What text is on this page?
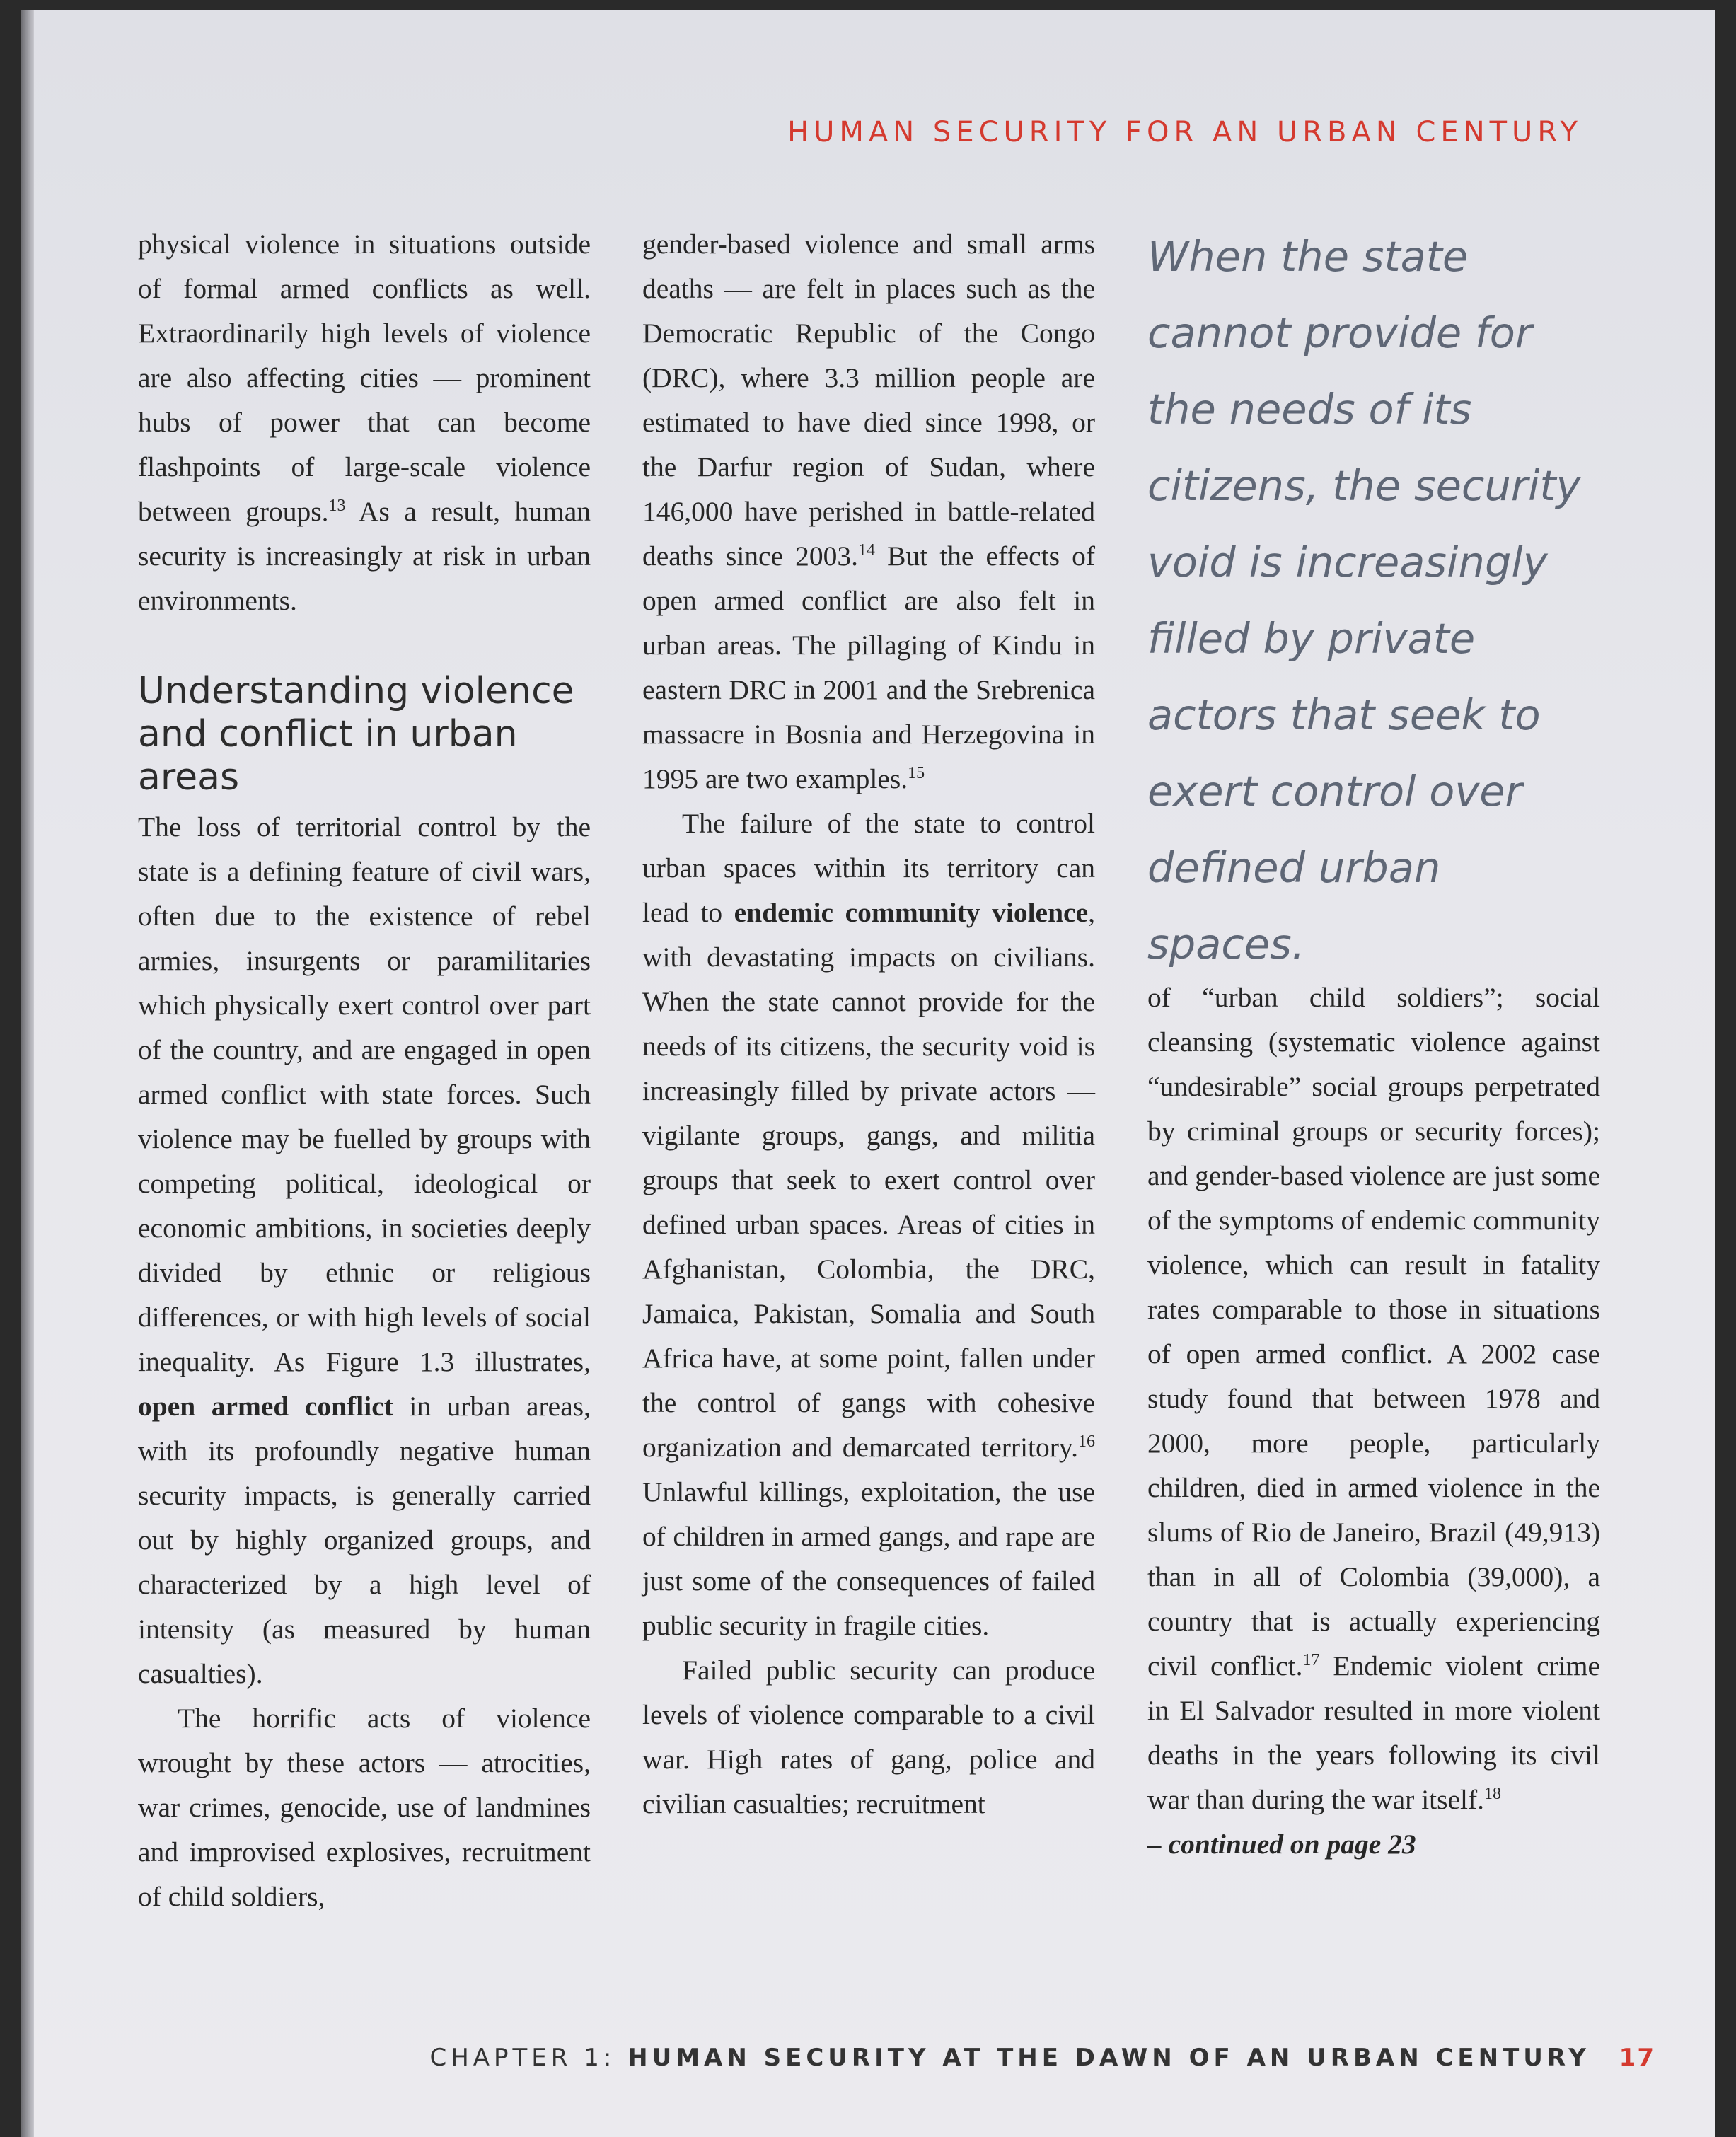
HUMAN SECURITY FOR AN URBAN CENTURY

physical violence in situations outside of formal armed conflicts as well. Extraordinarily high levels of violence are also affecting cities — prominent hubs of power that can become flashpoints of large-scale violence between groups.$^{13}$ As a result, human security is increasingly at risk in urban environments.

Understanding violence and conflict in urban areas

The loss of territorial control by the state is a defining feature of civil wars, often due to the existence of rebel armies, insurgents or paramilitaries which physically exert control over part of the country, and are engaged in open armed conflict with state forces. Such violence may be fuelled by groups with competing political, ideological or economic ambitions, in societies deeply divided by ethnic or religious differences, or with high levels of social inequality. As Figure 1.3 illustrates, open armed conflict in urban areas, with its profoundly negative human security impacts, is generally carried out by highly organized groups, and characterized by a high level of intensity (as measured by human casualties).

The horrific acts of violence wrought by these actors — atrocities, war crimes, genocide, use of landmines and improvised explosives, recruitment of child soldiers,

gender-based violence and small arms deaths — are felt in places such as the Democratic Republic of the Congo (DRC), where 3.3 million people are estimated to have died since 1998, or the Darfur region of Sudan, where 146,000 have perished in battle-related deaths since 2003.14 But the effects of open armed conflict are also felt in urban areas. The pillaging of Kindu in eastern DRC in 2001 and the Srebrenica massacre in Bosnia and Herzegovina in 1995 are two examples.$^{15}$

The failure of the state to control urban spaces within its territory can lead to endemic community violence, with devastating impacts on civilians. When the state cannot provide for the needs of its citizens, the security void is increasingly filled by private actors — vigilante groups, gangs, and militia groups that seek to exert control over defined urban spaces. Areas of cities in Afghanistan, Colombia, the DRC, Jamaica, Pakistan, Somalia and South Africa have, at some point, fallen under the control of gangs with cohesive organization and demarcated territory.$^{16}$ Unlawful killings, exploitation, the use of children in armed gangs, and rape are just some of the consequences of failed public security in fragile cities.

Failed public security can produce levels of violence comparable to a civil war. High rates of gang, police and civilian casualties; recruitment

When the state cannot provide for the needs of its citizens, the security void is increasingly filled by private actors that seek to exert control over defined urban spaces.

of “urban child soldiers”; social cleansing (systematic violence against “undesirable” social groups perpetrated by criminal groups or security forces); and gender-based violence are just some of the symptoms of endemic community violence, which can result in fatality rates comparable to those in situations of open armed conflict. A 2002 case study found that between 1978 and 2000, more people, particularly children, died in armed violence in the slums of Rio de Janeiro, Brazil (49,913) than in all of Colombia (39,000), a country that is actually experiencing civil conflict.$^{17}$ Endemic violent crime in El Salvador resulted in more violent deaths in the years following its civil war than during the war itself.$^{18}$

– continued on page 23

CHAPTER 1: HUMAN SECURITY AT THE DAWN OF AN URBAN CENTURY 17
